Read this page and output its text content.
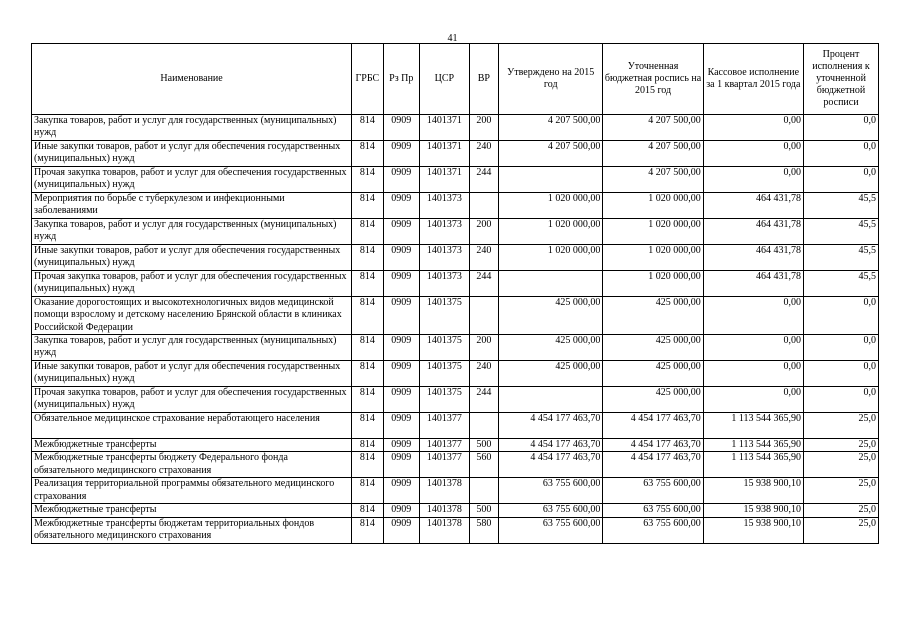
41
Наименование	ГРБС	Рз Пр	ЦСР	ВР	Утверждено на 2015 год	Уточненная бюджетная роспись на 2015 год	Кассовое исполнение за 1 квартал 2015 года	Процент исполнения к уточненной бюджетной росписи
Закупка товаров, работ и услуг для государственных (муниципальных) нужд	814	0909	1401371	200	4 207 500,00	4 207 500,00	0,00	0,0
Иные закупки товаров, работ и услуг для обеспечения государственных (муниципальных) нужд	814	0909	1401371	240	4 207 500,00	4 207 500,00	0,00	0,0
Прочая закупка товаров, работ и услуг для обеспечения государственных (муниципальных) нужд	814	0909	1401371	244		4 207 500,00	0,00	0,0
Мероприятия по борьбе с туберкулезом и инфекционными заболеваниями	814	0909	1401373		1 020 000,00	1 020 000,00	464 431,78	45,5
Закупка товаров, работ и услуг для государственных (муниципальных) нужд	814	0909	1401373	200	1 020 000,00	1 020 000,00	464 431,78	45,5
Иные закупки товаров, работ и услуг для обеспечения государственных (муниципальных) нужд	814	0909	1401373	240	1 020 000,00	1 020 000,00	464 431,78	45,5
Прочая закупка товаров, работ и услуг для обеспечения государственных (муниципальных) нужд	814	0909	1401373	244		1 020 000,00	464 431,78	45,5
Оказание дорогостоящих и высокотехнологичных видов медицинской помощи взрослому и детскому населению Брянской области в клиниках Российской Федерации	814	0909	1401375		425 000,00	425 000,00	0,00	0,0
Закупка товаров, работ и услуг для государственных (муниципальных) нужд	814	0909	1401375	200	425 000,00	425 000,00	0,00	0,0
Иные закупки товаров, работ и услуг для обеспечения государственных (муниципальных) нужд	814	0909	1401375	240	425 000,00	425 000,00	0,00	0,0
Прочая закупка товаров, работ и услуг для обеспечения государственных (муниципальных) нужд	814	0909	1401375	244		425 000,00	0,00	0,0
Обязательное медицинское страхование неработающего населения	814	0909	1401377		4 454 177 463,70	4 454 177 463,70	1 113 544 365,90	25,0
Межбюджетные трансферты	814	0909	1401377	500	4 454 177 463,70	4 454 177 463,70	1 113 544 365,90	25,0
Межбюджетные трансферты бюджету Федерального фонда обязательного медицинского страхования	814	0909	1401377	560	4 454 177 463,70	4 454 177 463,70	1 113 544 365,90	25,0
Реализация территориальной программы обязательного медицинского страхования	814	0909	1401378		63 755 600,00	63 755 600,00	15 938 900,10	25,0
Межбюджетные трансферты	814	0909	1401378	500	63 755 600,00	63 755 600,00	15 938 900,10	25,0
Межбюджетные трансферты бюджетам территориальных фондов обязательного медицинского страхования	814	0909	1401378	580	63 755 600,00	63 755 600,00	15 938 900,10	25,0
